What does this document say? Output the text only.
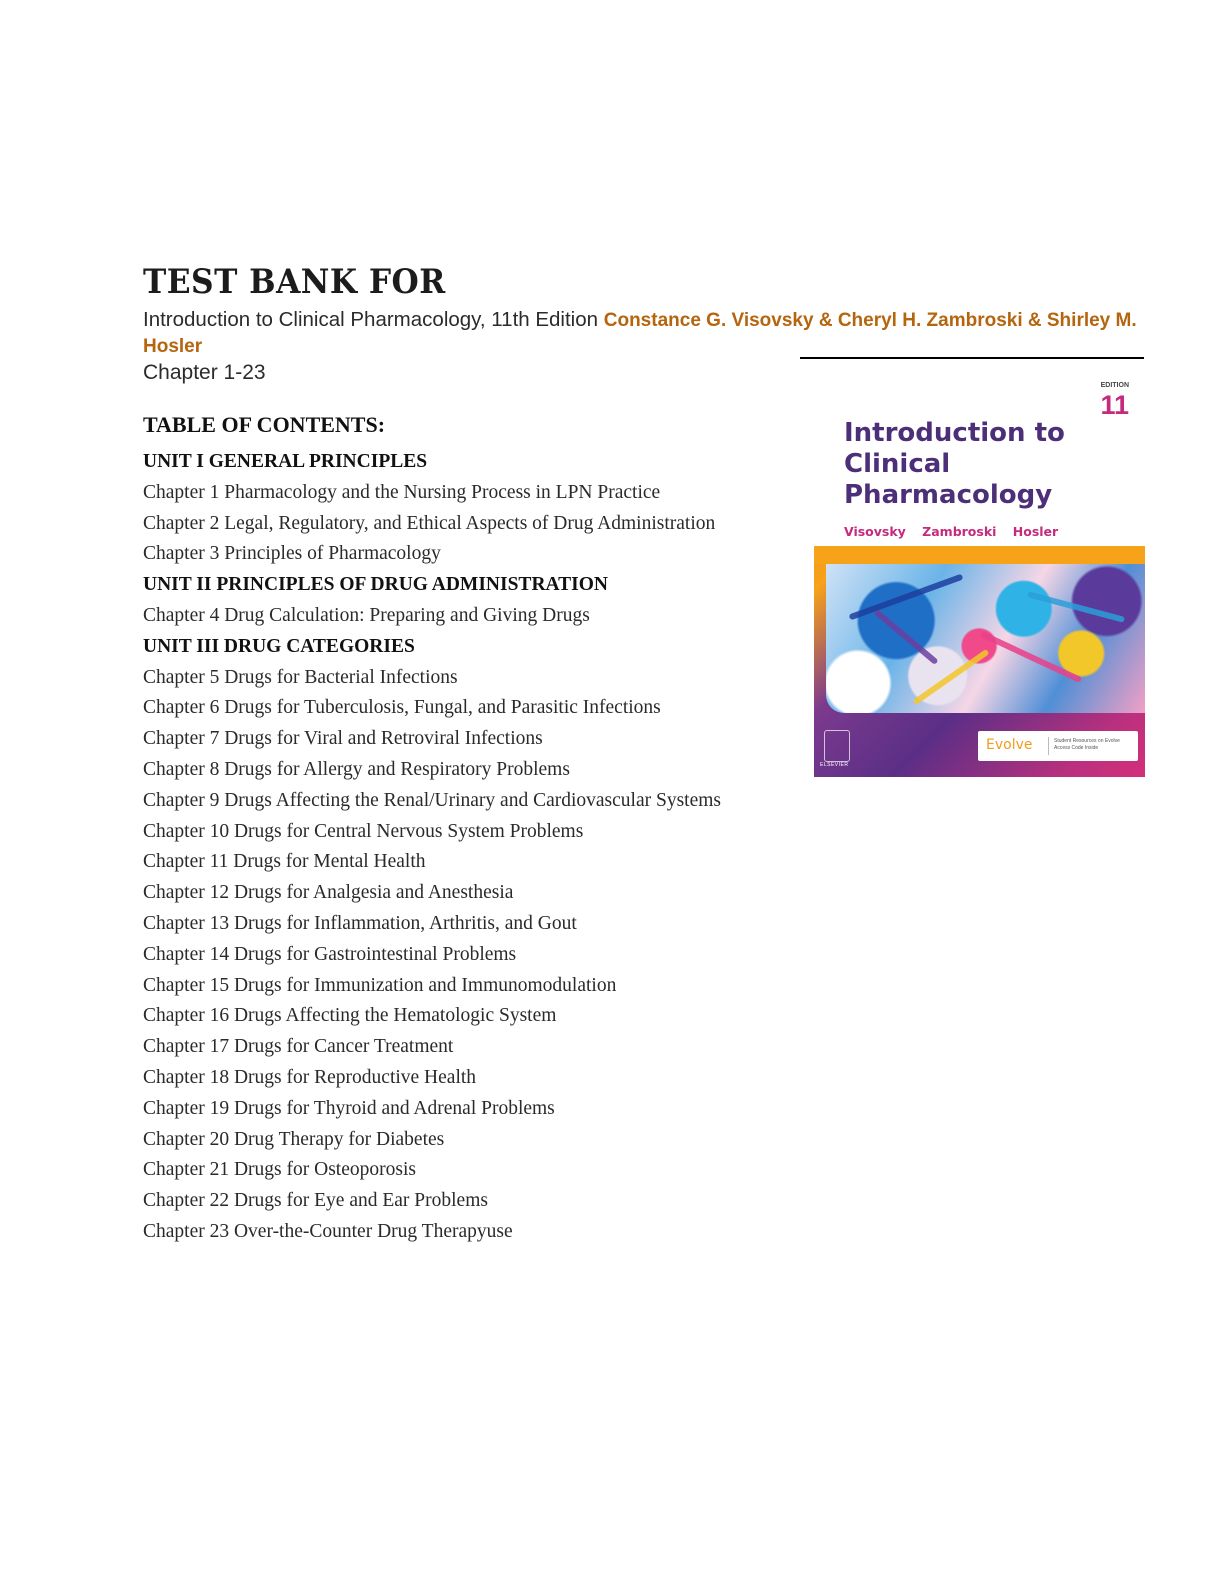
TEST BANK FOR
Introduction to Clinical Pharmacology, 11th Edition Constance G. Visovsky & Cheryl H. Zambroski & Shirley M. Hosler
Chapter 1-23
TABLE OF CONTENTS:
UNIT I GENERAL PRINCIPLES
Chapter 1 Pharmacology and the Nursing Process in LPN Practice
Chapter 2 Legal, Regulatory, and Ethical Aspects of Drug Administration
Chapter 3 Principles of Pharmacology
UNIT II PRINCIPLES OF DRUG ADMINISTRATION
Chapter 4 Drug Calculation: Preparing and Giving Drugs
UNIT III DRUG CATEGORIES
Chapter 5 Drugs for Bacterial Infections
Chapter 6 Drugs for Tuberculosis, Fungal, and Parasitic Infections
Chapter 7 Drugs for Viral and Retroviral Infections
Chapter 8 Drugs for Allergy and Respiratory Problems
Chapter 9 Drugs Affecting the Renal/Urinary and Cardiovascular Systems
Chapter 10 Drugs for Central Nervous System Problems
Chapter 11 Drugs for Mental Health
Chapter 12 Drugs for Analgesia and Anesthesia
Chapter 13 Drugs for Inflammation, Arthritis, and Gout
Chapter 14 Drugs for Gastrointestinal Problems
Chapter 15 Drugs for Immunization and Immunomodulation
Chapter 16 Drugs Affecting the Hematologic System
Chapter 17 Drugs for Cancer Treatment
Chapter 18 Drugs for Reproductive Health
Chapter 19 Drugs for Thyroid and Adrenal Problems
Chapter 20 Drug Therapy for Diabetes
Chapter 21 Drugs for Osteoporosis
Chapter 22 Drugs for Eye and Ear Problems
Chapter 23 Over-the-Counter Drug Therapyuse
EDITION
11
Introduction to Clinical Pharmacology
Visovsky Zambroski Hosler
ELSEVIER
Evolve	Student Resources on Evolve Access Code Inside
